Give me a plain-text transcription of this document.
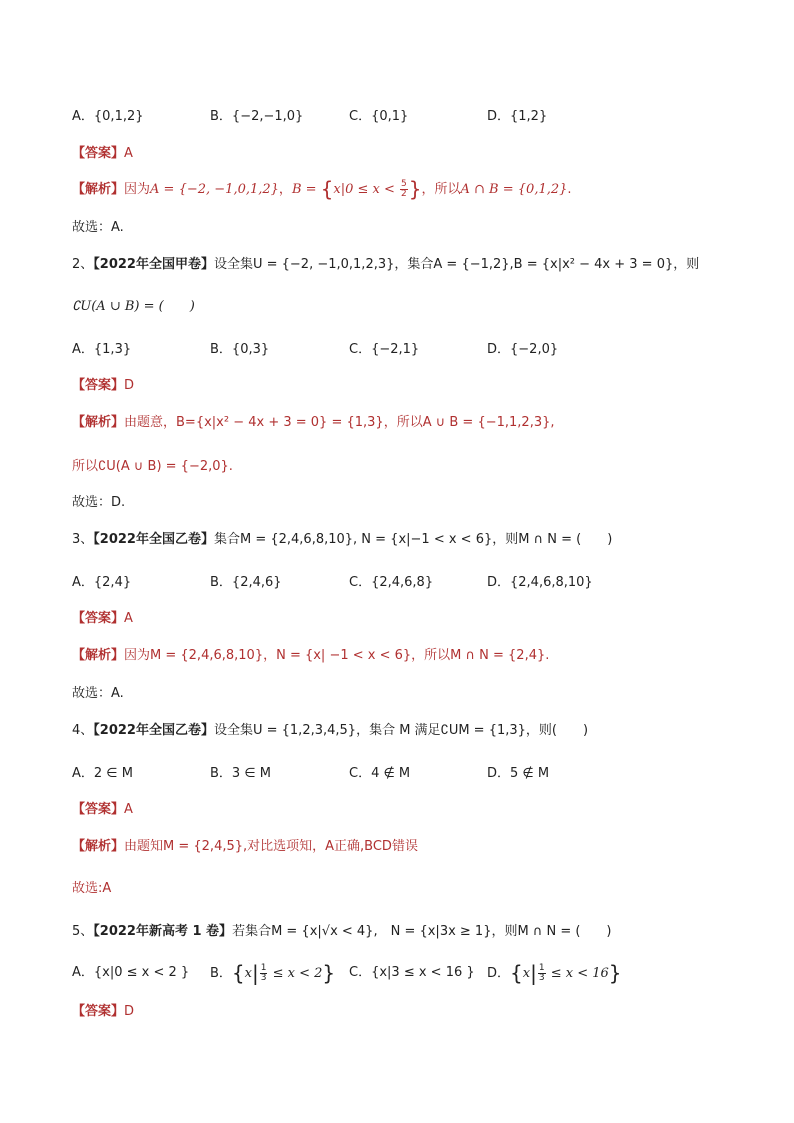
A．{0,1,2}	B．{−2,−1,0}	C．{0,1}	D．{1,2}
【答案】A
【解析】因为A = {−2, −1,0,1,2}，$B = \{x|0 \le x < \frac{5}{2}$ }，所以A ∩ B = {0,1,2}.
故选：A.
2、【2022年全国甲卷】设全集U = {−2, −1,0,1,2,3}，集合A = {−1,2},B = {x|x² − 4x + 3 = 0}，则
∁U(A ∪ B) = (　　)
A．{1,3}	B．{0,3}	C．{−2,1}	D．{−2,0}
【答案】D
【解析】由题意，B={x|x² − 4x + 3 = 0} = {1,3}，所以A ∪ B = {−1,1,2,3},
所以∁U(A ∪ B) = {−2,0}.
故选：D.
3、【2022年全国乙卷】集合M = {2,4,6,8,10}, N = {x|−1 < x < 6}，则M ∩ N = (　　)
A．{2,4}	B．{2,4,6}	C．{2,4,6,8}	D．{2,4,6,8,10}
【答案】A
【解析】因为M = {2,4,6,8,10}，N = {x| −1 < x < 6}，所以M ∩ N = {2,4}.
故选：A.
4、【2022年全国乙卷】设全集U = {1,2,3,4,5}，集合 M 满足∁UM = {1,3}，则(　　)
A．2 ∈ M	B．3 ∈ M	C．4 ∉ M	D．5 ∉ M
【答案】A
【解析】由题知M = {2,4,5},对比选项知，A正确,BCD错误
故选:A
5、【2022年新高考 1 卷】若集合M = {x|√x < 4},　N = {x|3x ≥ 1}，则M ∩ N = (　　)
A．{x|0 ≤ x < 2 } B．$\{x| \frac{1}{3} \le x < 2\}$ C．{x|3 ≤ x < 16 } D．$\{x| \frac{1}{3} \le x < 16\}$
【答案】D
